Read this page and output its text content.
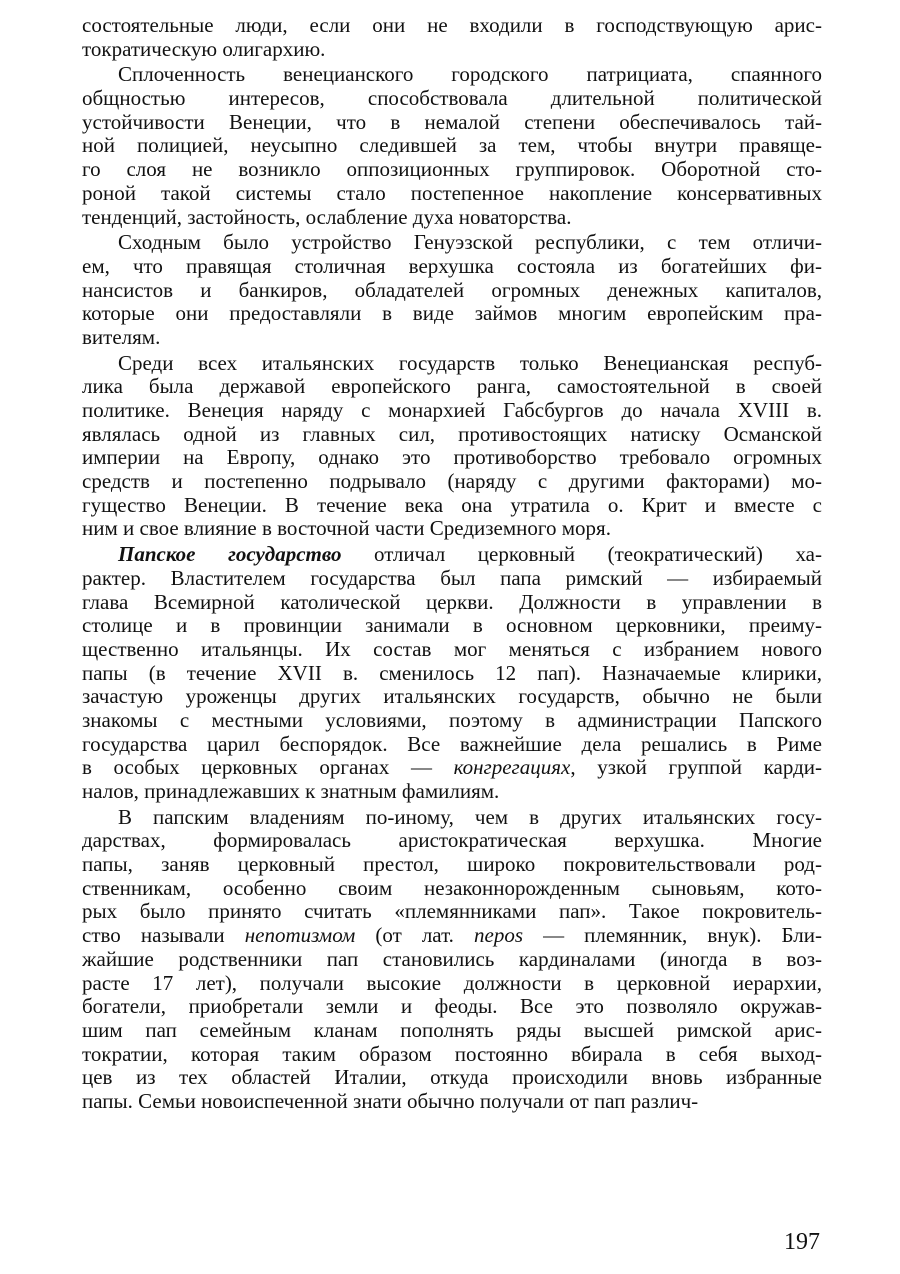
состоятельные люди, если они не входили в господствующую арис-
тократическую олигархию.
Сплоченность венецианского городского патрициата, спаянного
общностью интересов, способствовала длительной политической
устойчивости Венеции, что в немалой степени обеспечивалось тай-
ной полицией, неусыпно следившей за тем, чтобы внутри правяще-
го слоя не возникло оппозиционных группировок. Оборотной сто-
роной такой системы стало постепенное накопление консервативных
тенденций, застойность, ослабление духа новаторства.
Сходным было устройство Генуэзской республики, с тем отличи-
ем, что правящая столичная верхушка состояла из богатейших фи-
нансистов и банкиров, обладателей огромных денежных капиталов,
которые они предоставляли в виде займов многим европейским пра-
вителям.
Среди всех итальянских государств только Венецианская респуб-
лика была державой европейского ранга, самостоятельной в своей
политике. Венеция наряду с монархией Габсбургов до начала XVIII в.
являлась одной из главных сил, противостоящих натиску Османской
империи на Европу, однако это противоборство требовало огромных
средств и постепенно подрывало (наряду с другими факторами) мо-
гущество Венеции. В течение века она утратила о. Крит и вместе с
ним и свое влияние в восточной части Средиземного моря.
Папское государство отличал церковный (теократический) ха-
рактер. Властителем государства был папа римский — избираемый
глава Всемирной католической церкви. Должности в управлении в
столице и в провинции занимали в основном церковники, преиму-
щественно итальянцы. Их состав мог меняться с избранием нового
папы (в течение XVII в. сменилось 12 пап). Назначаемые клирики,
зачастую уроженцы других итальянских государств, обычно не были
знакомы с местными условиями, поэтому в администрации Папского
государства царил беспорядок. Все важнейшие дела решались в Риме
в особых церковных органах — конгрегациях, узкой группой карди-
налов, принадлежавших к знатным фамилиям.
В папским владениям по-иному, чем в других итальянских госу-
дарствах, формировалась аристократическая верхушка. Многие
папы, заняв церковный престол, широко покровительствовали род-
ственникам, особенно своим незаконнорожденным сыновьям, кото-
рых было принято считать «племянниками пап». Такое покровитель-
ство называли непотизмом (от лат. nepos — племянник, внук). Бли-
жайшие родственники пап становились кардиналами (иногда в воз-
расте 17 лет), получали высокие должности в церковной иерархии,
богатели, приобретали земли и феоды. Все это позволяло окружав-
шим пап семейным кланам пополнять ряды высшей римской арис-
тократии, которая таким образом постоянно вбирала в себя выход-
цев из тех областей Италии, откуда происходили вновь избранные
папы. Семьи новоиспеченной знати обычно получали от пап различ-
197
